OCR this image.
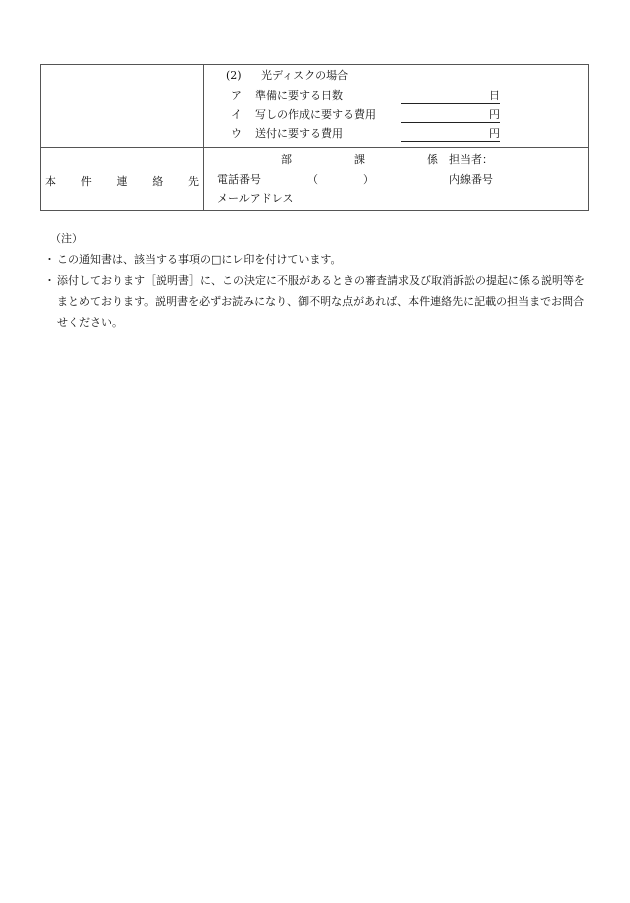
(2) 光ディスクの場合
ア 準備に要する日数	日
イ 写しの作成に要する費用	円
ウ 送付に要する費用	円
本 件 連 絡 先
部	課	係 担当者：
電話番号	（	）	内線番号
メールアドレス
（注）
・ この通知書は、該当する事項の□にレ印を付けています。
・ 添付しております［説明書］に、この決定に不服があるときの審査請求及び取消訴訟の提起に係る説明等をまとめております。説明書を必ずお読みになり、御不明な点があれば、本件連絡先に記載の担当までお問合せください。
